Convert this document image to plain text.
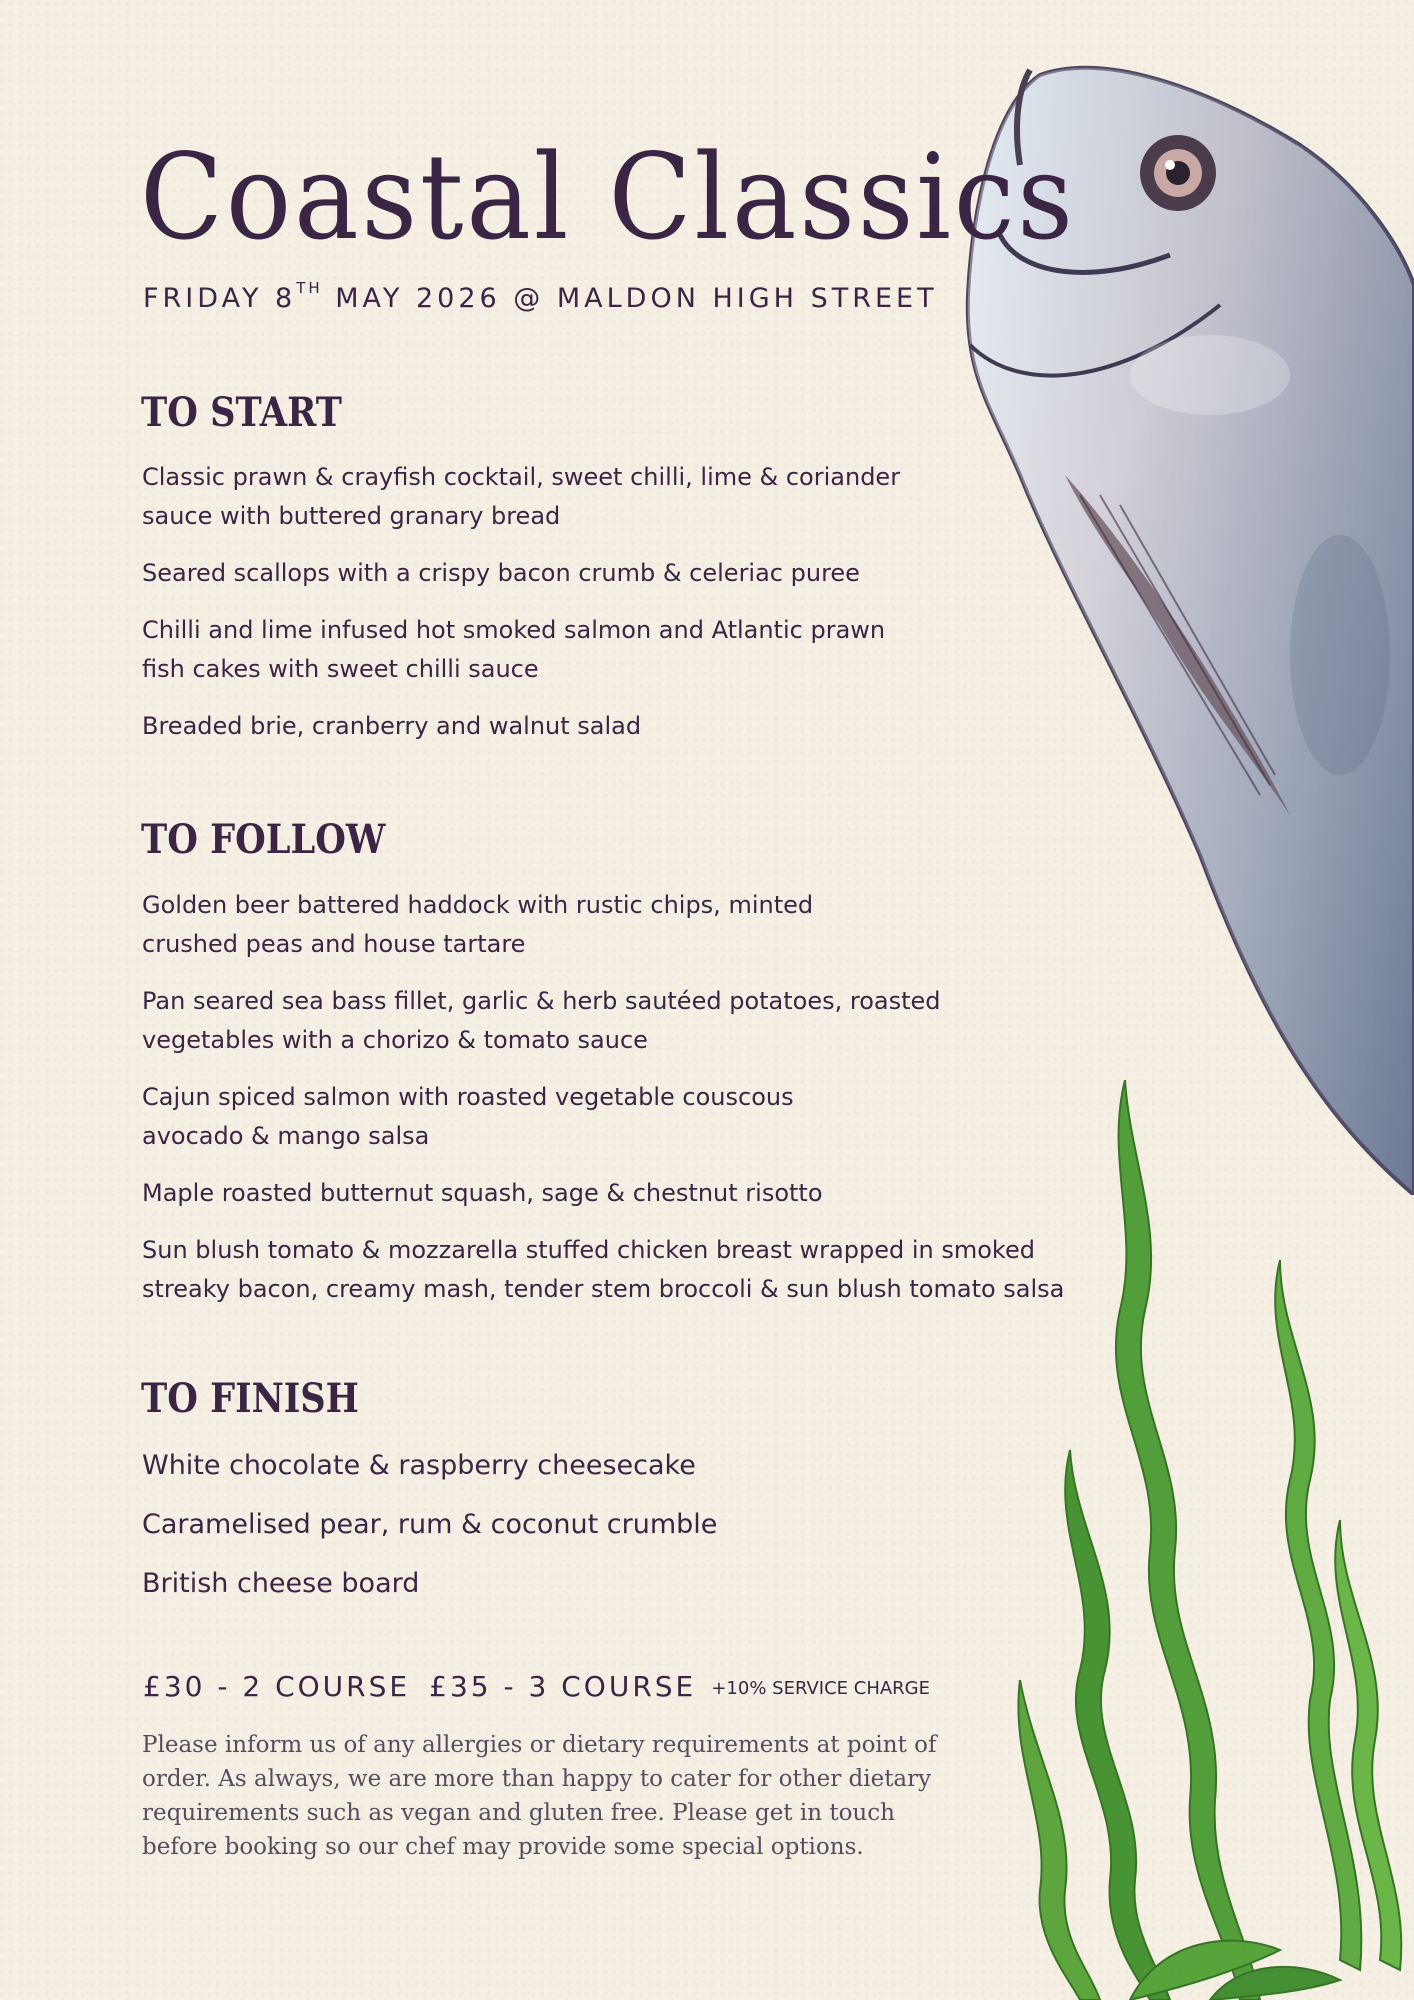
Coastal Classics
FRIDAY 8TH MAY 2026 @ MALDON HIGH STREET
TO START
Classic prawn & crayfish cocktail, sweet chilli, lime & coriander
sauce with buttered granary bread
Seared scallops with a crispy bacon crumb & celeriac puree
Chilli and lime infused hot smoked salmon and Atlantic prawn
fish cakes with sweet chilli sauce
Breaded brie, cranberry and walnut salad
TO FOLLOW
Golden beer battered haddock with rustic chips, minted
crushed peas and house tartare
Pan seared sea bass fillet, garlic & herb sautéed potatoes, roasted
vegetables with a chorizo & tomato sauce
Cajun spiced salmon with roasted vegetable couscous
avocado & mango salsa
Maple roasted butternut squash, sage & chestnut risotto
Sun blush tomato & mozzarella stuffed chicken breast wrapped in smoked
streaky bacon, creamy mash, tender stem broccoli & sun blush tomato salsa
TO FINISH
White chocolate & raspberry cheesecake
Caramelised pear, rum & coconut crumble
British cheese board
£30 - 2 COURSE £35 - 3 COURSE +10% SERVICE CHARGE

Please inform us of any allergies or dietary requirements at point of order. As always, we are more than happy to cater for other dietary requirements such as vegan and gluten free. Please get in touch before booking so our chef may provide some special options.
